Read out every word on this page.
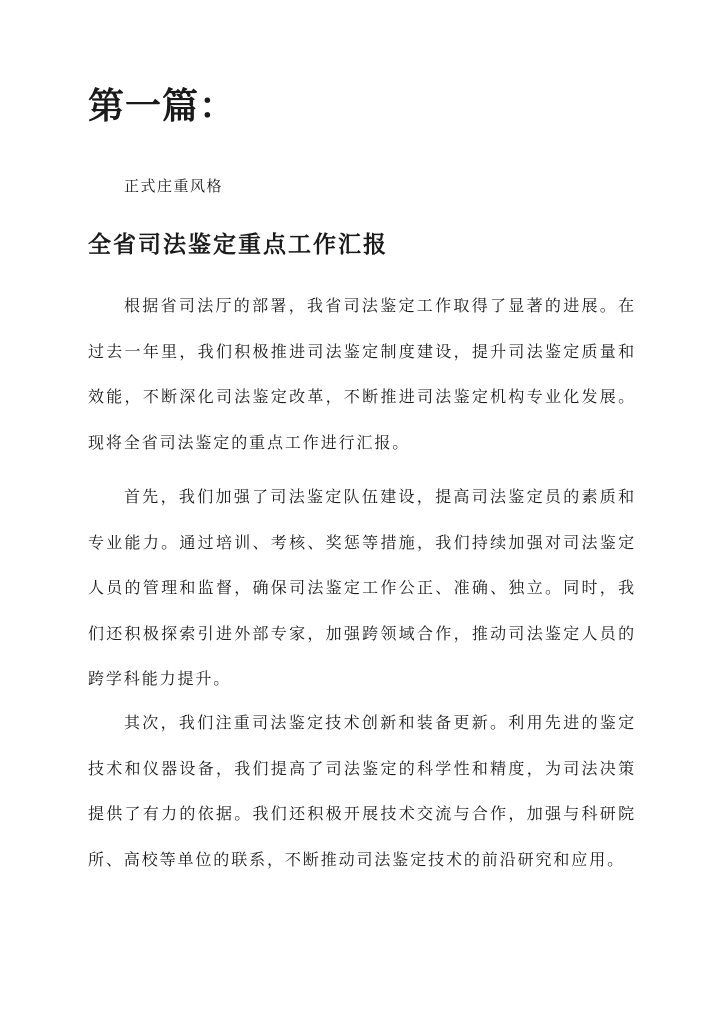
第一篇：

正式庄重风格

全省司法鉴定重点工作汇报

根据省司法厅的部署，我省司法鉴定工作取得了显著的进展。在过去一年里，我们积极推进司法鉴定制度建设，提升司法鉴定质量和效能，不断深化司法鉴定改革，不断推进司法鉴定机构专业化发展。现将全省司法鉴定的重点工作进行汇报。

首先，我们加强了司法鉴定队伍建设，提高司法鉴定员的素质和专业能力。通过培训、考核、奖惩等措施，我们持续加强对司法鉴定人员的管理和监督，确保司法鉴定工作公正、准确、独立。同时，我们还积极探索引进外部专家，加强跨领域合作，推动司法鉴定人员的跨学科能力提升。

其次，我们注重司法鉴定技术创新和装备更新。利用先进的鉴定技术和仪器设备，我们提高了司法鉴定的科学性和精度，为司法决策提供了有力的依据。我们还积极开展技术交流与合作，加强与科研院所、高校等单位的联系，不断推动司法鉴定技术的前沿研究和应用。
